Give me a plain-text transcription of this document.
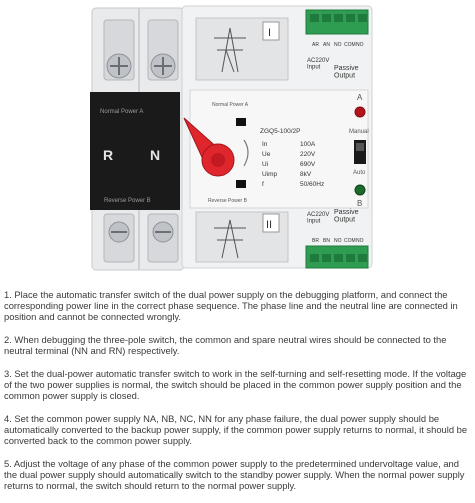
Normal Power A
R	N
Reverse Power B
I
AR AN NO COM NO
AC220V Input	Passive Output
Normal Power A
Reverse Power B
ZGQ5-100/2P
In	100A
Ue	220V
Ui	690V
Uimp	8kV
f	50/60Hz
A
Manual
Auto
B
II
AC220V Input
Passive Output
BR BN NO COM NO

1. Place the automatic transfer switch of the dual power supply on the debugging platform, and connect the corresponding power line in the correct phase sequence. The phase line and the neutral line are connected in position and cannot be connected wrongly.

2. When debugging the three-pole switch, the common and spare neutral wires should be connected to the neutral terminal (NN and RN) respectively.

3. Set the dual-power automatic transfer switch to work in the self-turning and self-resetting mode. If the voltage of the two power supplies is normal, the switch should be placed in the common power supply position and the common power supply is closed.

4. Set the common power supply NA, NB, NC, NN for any phase failure, the dual power supply should be automatically converted to the backup power supply, if the common power supply returns to normal, it should be converted back to the common power supply.

5. Adjust the voltage of any phase of the common power supply to the predetermined undervoltage value, and the dual power supply should automatically switch to the standby power supply. When the normal power supply returns to normal, the switch should return to the normal power supply.
